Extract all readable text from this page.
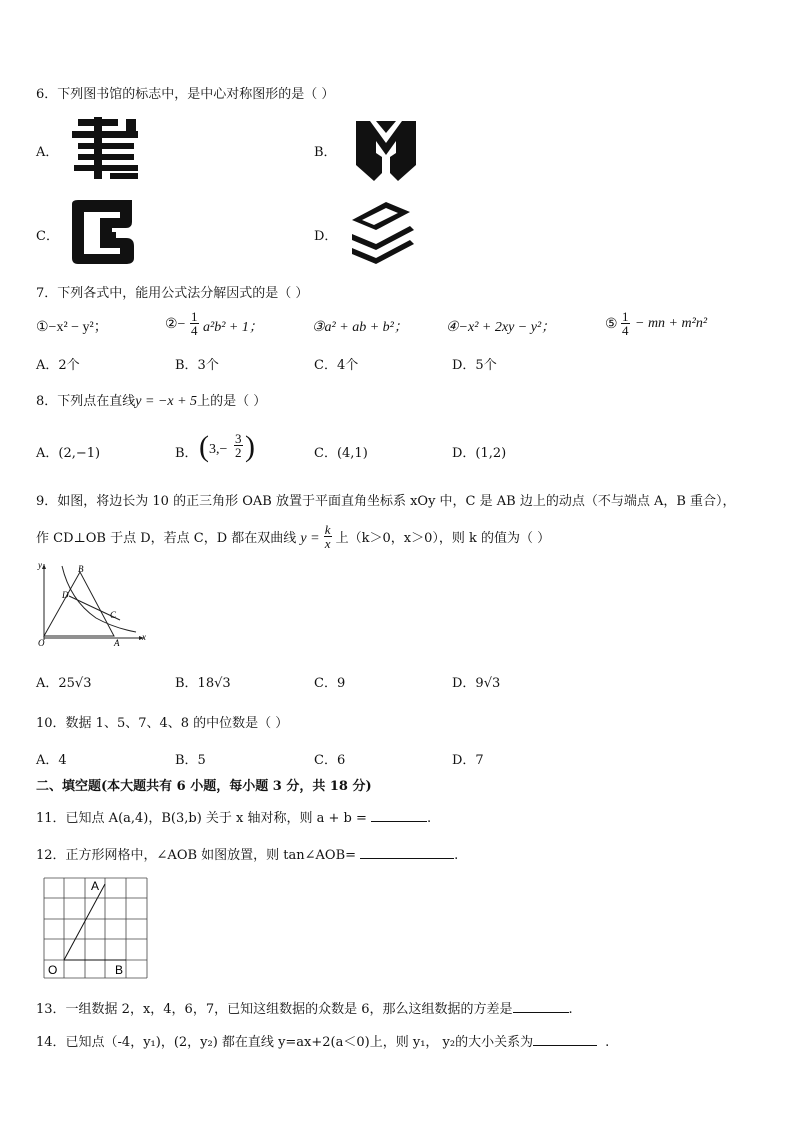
6．下列图书馆的标志中，是中心对称图形的是（ ）
A．	B．
C．	D．
7．下列各式中，能用公式法分解因式的是（ ）
①−x² − y²；	②− $\frac{1}{4} a^2b^2 + 1$；	③a² + ab + b²；	④−x² + 2xy − y²；	⑤ $\frac{1}{4}$ − mn + m²n²
A．2个	B．3个	C．4个	D．5个
8．下列点在直线y = −x + 5上的是（ ）
A．(2,−1)	B． ( $3,- \frac{3}{2}$ )	C．(4,1)	D．(1,2)
9．如图，将边长为 10 的正三角形 OAB 放置于平面直角坐标系 xOy 中，C 是 AB 边上的动点（不与端点 A，B 重合），
作 CD⊥OB 于点 D，若点 C，D 都在双曲线 $y = \frac{k}{x}$ 上（k＞0，x＞0），则 k 的值为（ ）
y
x
O	A
B
C
D
A．25√3	B．18√3	C．9	D．9√3
10．数据 1、5、7、4、8 的中位数是（ ）
A．4	B．5	C．6	D．7
二、填空题(本大题共有 6 小题，每小题 3 分，共 18 分)
11．已知点 A(a,4)，B(3,b) 关于 x 轴对称，则 a + b =	.
12．正方形网格中，∠AOB 如图放置，则 tan∠AOB=	.
A
O	B
13．一组数据 2，x，4，6，7，已知这组数据的众数是 6，那么这组数据的方差是	.
14．已知点（-4，y₁)，(2，y₂) 都在直线 y=ax+2(a＜0)上，则 y₁， y₂的大小关系为	.
